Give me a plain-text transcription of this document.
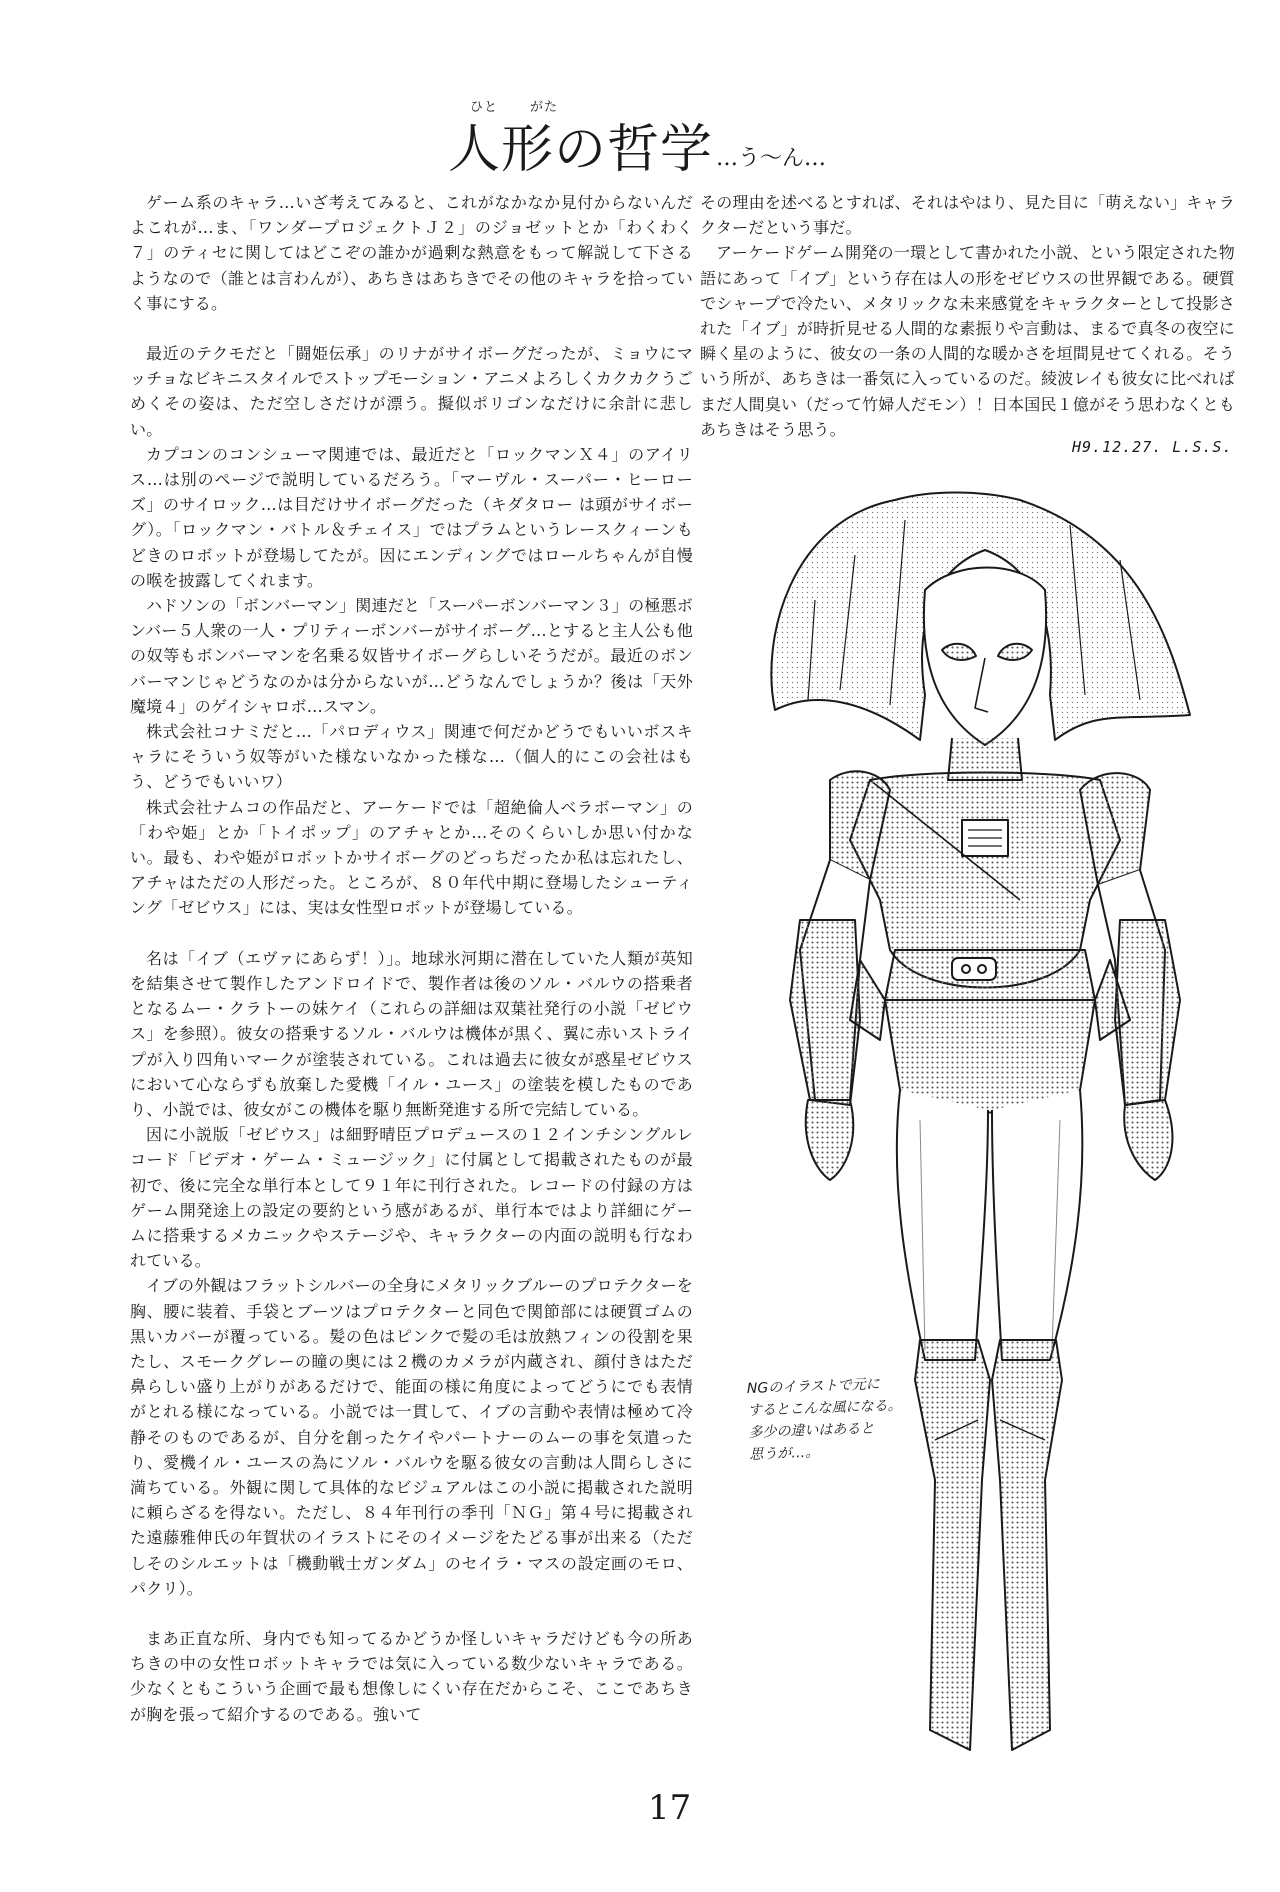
ひと がた
人形の哲学 …う〜ん…

ゲーム系のキャラ…いざ考えてみると、これがなかなか見付からないんだよこれが…ま、「ワンダープロジェクトＪ２」のジョゼットとか「わくわく７」のティセに関してはどこぞの誰かが過剰な熱意をもって解説して下さるようなので（誰とは言わんが）、あちきはあちきでその他のキャラを拾っていく事にする。

最近のテクモだと「闘姫伝承」のリナがサイボーグだったが、ミョウにマッチョなビキニスタイルでストップモーション・アニメよろしくカクカクうごめくその姿は、ただ空しさだけが漂う。擬似ポリゴンなだけに余計に悲しい。

カプコンのコンシューマ関連では、最近だと「ロックマンＸ４」のアイリス…は別のページで説明しているだろう。「マーヴル・スーパー・ヒーローズ」のサイロック…は目だけサイボーグだった（キダタロー は頭がサイボーグ）。「ロックマン・バトル＆チェイス」ではプラムというレースクィーンもどきのロボットが登場してたが。因にエンディングではロールちゃんが自慢の喉を披露してくれます。

ハドソンの「ボンバーマン」関連だと「スーパーボンバーマン３」の極悪ボンバー５人衆の一人・プリティーボンバーがサイボーグ…とすると主人公も他の奴等もボンバーマンを名乗る奴皆サイボーグらしいそうだが。最近のボンバーマンじゃどうなのかは分からないが…どうなんでしょうか？後は「天外魔境４」のゲイシャロボ…スマン。

株式会社コナミだと…「パロディウス」関連で何だかどうでもいいボスキャラにそういう奴等がいた様ないなかった様な…（個人的にこの会社はもう、どうでもいいワ）

株式会社ナムコの作品だと、アーケードでは「超絶倫人ベラボーマン」の「わや姫」とか「トイポップ」のアチャとか…そのくらいしか思い付かない。最も、わや姫がロボットかサイボーグのどっちだったか私は忘れたし、アチャはただの人形だった。ところが、８０年代中期に登場したシューティング「ゼビウス」には、実は女性型ロボットが登場している。

名は「イブ（エヴァにあらず！）」。地球氷河期に潜在していた人類が英知を結集させて製作したアンドロイドで、製作者は後のソル・バルウの搭乗者となるムー・クラトーの妹ケイ（これらの詳細は双葉社発行の小説「ゼビウス」を参照）。彼女の搭乗するソル・バルウは機体が黒く、翼に赤いストライプが入り四角いマークが塗装されている。これは過去に彼女が惑星ゼビウスにおいて心ならずも放棄した愛機「イル・ユース」の塗装を模したものであり、小説では、彼女がこの機体を駆り無断発進する所で完結している。

因に小説版「ゼビウス」は細野晴臣プロデュースの１２インチシングルレコード「ビデオ・ゲーム・ミュージック」に付属として掲載されたものが最初で、後に完全な単行本として９１年に刊行された。レコードの付録の方はゲーム開発途上の設定の要約という感があるが、単行本ではより詳細にゲームに搭乗するメカニックやステージや、キャラクターの内面の説明も行なわれている。

イブの外観はフラットシルバーの全身にメタリックブルーのプロテクターを胸、腰に装着、手袋とブーツはプロテクターと同色で関節部には硬質ゴムの黒いカバーが覆っている。髪の色はピンクで髪の毛は放熱フィンの役割を果たし、スモークグレーの瞳の奥には２機のカメラが内蔵され、顔付きはただ鼻らしい盛り上がりがあるだけで、能面の様に角度によってどうにでも表情がとれる様になっている。小説では一貫して、イブの言動や表情は極めて冷静そのものであるが、自分を創ったケイやパートナーのムーの事を気遣ったり、愛機イル・ユースの為にソル・バルウを駆る彼女の言動は人間らしさに満ちている。外観に関して具体的なビジュアルはこの小説に掲載された説明に頼らざるを得ない。ただし、８４年刊行の季刊「ＮＧ」第４号に掲載された遠藤雅伸氏の年賀状のイラストにそのイメージをたどる事が出来る（ただしそのシルエットは「機動戦士ガンダム」のセイラ・マスの設定画のモロ、パクリ）。

まあ正直な所、身内でも知ってるかどうか怪しいキャラだけども今の所あちきの中の女性ロボットキャラでは気に入っている数少ないキャラである。少なくともこういう企画で最も想像しにくい存在だからこそ、ここであちきが胸を張って紹介するのである。強いて

その理由を述べるとすれば、それはやはり、見た目に「萌えない」キャラクターだという事だ。

アーケードゲーム開発の一環として書かれた小説、という限定された物語にあって「イブ」という存在は人の形をゼビウスの世界観である。硬質でシャープで冷たい、メタリックな未来感覚をキャラクターとして投影された「イブ」が時折見せる人間的な素振りや言動は、まるで真冬の夜空に瞬く星のように、彼女の一条の人間的な暖かさを垣間見せてくれる。そういう所が、あちきは一番気に入っているのだ。綾波レイも彼女に比べればまだ人間臭い（だって竹婦人だモン）！日本国民１億がそう思わなくともあちきはそう思う。

H9.12.27. L.S.S.
NGのイラストで元に
するとこんな風になる。
多少の違いはあると
思うが…。
17
